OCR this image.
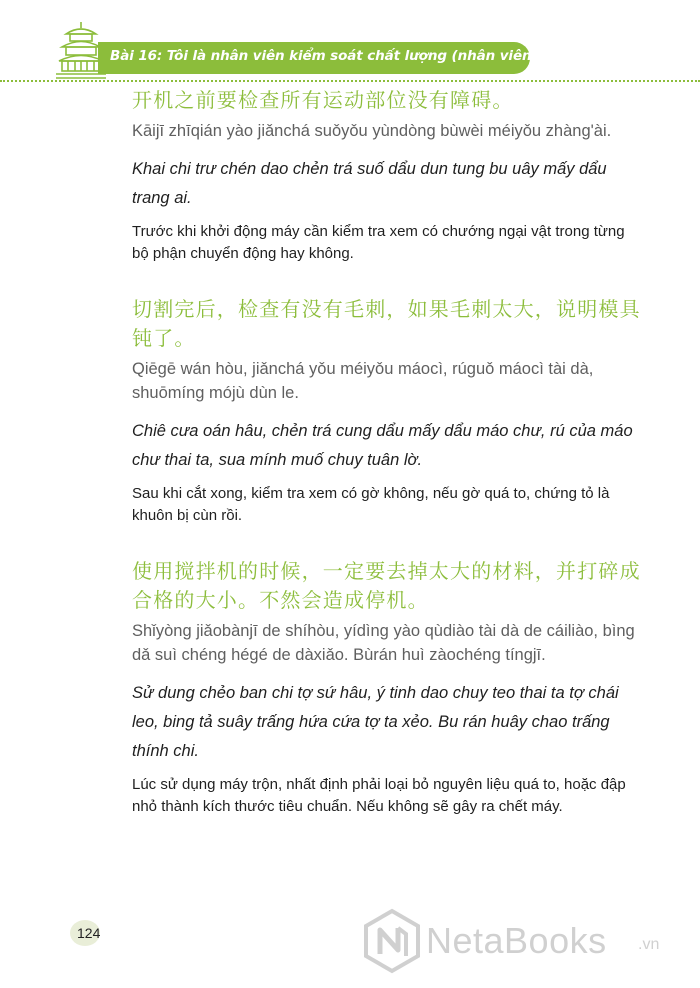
Bài 16: Tôi là nhân viên kiểm soát chất lượng (nhân viên QC)

开机之前要检查所有运动部位没有障碍。

Kāijī zhīqián yào jiǎnchá suǒyǒu yùndòng bùwèi méiyǒu zhàng'ài.

Khai chi trư chén dao chẻn trá suố dẩu dun tung bu uây mấy dẩu trang ai.

Trước khi khởi động máy cần kiểm tra xem có chướng ngại vật trong từng bộ phận chuyển động hay không.

切割完后，检查有没有毛刺，如果毛刺太大，说明模具钝了。

Qiēgē wán hòu, jiǎnchá yǒu méiyǒu máocì, rúguǒ máocì tài dà, shuōmíng mójù dùn le.

Chiê cưa oán hâu, chẻn trá cung dẩu mấy dẩu máo chư, rú của máo chư thai ta, sua mính muố chuy tuân lờ.

Sau khi cắt xong, kiểm tra xem có gờ không, nếu gờ quá to, chứng tỏ là khuôn bị cùn rồi.

使用搅拌机的时候，一定要去掉太大的材料，并打碎成合格的大小。不然会造成停机。

Shǐyòng jiǎobànjī de shíhòu, yídìng yào qùdiào tài dà de cáiliào, bìng dǎ suì chéng hégé de dàxiǎo. Bùrán huì zàochéng tíngjī.

Sử dung chẻo ban chi tợ sứ hâu, ý tinh dao chuy teo thai ta tợ chái leo, bing tả suây trấng hứa cứa tợ ta xẻo. Bu rán huây chao trấng thính chi.

Lúc sử dụng máy trộn, nhất định phải loại bỏ nguyên liệu quá to, hoặc đập nhỏ thành kích thước tiêu chuẩn. Nếu không sẽ gây ra chết máy.

124	NetaBooks .vn
